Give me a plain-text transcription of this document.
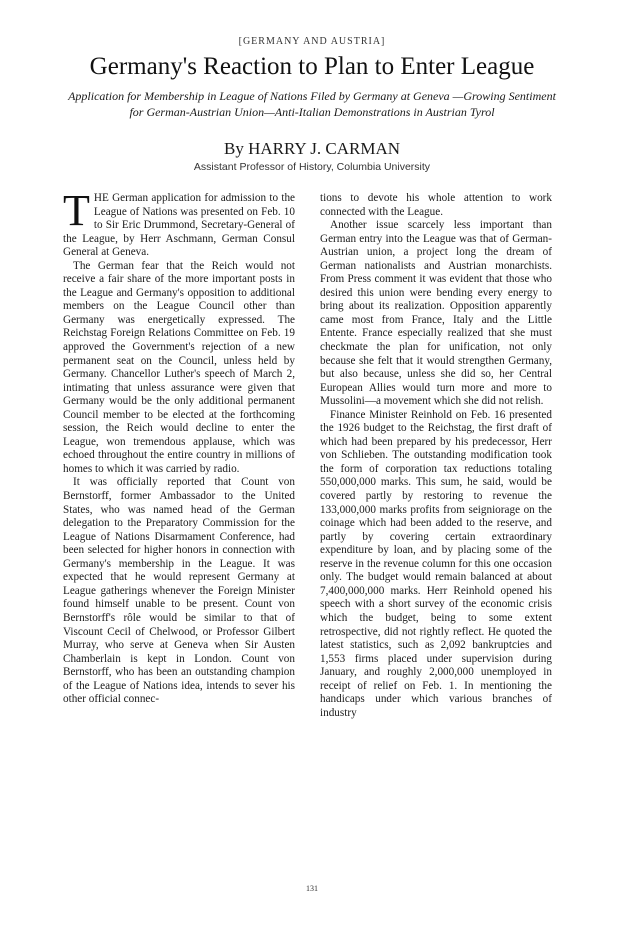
[GERMANY AND AUSTRIA]
Germany's Reaction to Plan to Enter League
Application for Membership in League of Nations Filed by Germany at Geneva —Growing Sentiment for German-Austrian Union—Anti-Italian Demonstrations in Austrian Tyrol
By HARRY J. CARMAN
Assistant Professor of History, Columbia University

THE German application for admission to the League of Nations was presented on Feb. 10 to Sir Eric Drummond, Secretary-General of the League, by Herr Aschmann, German Consul General at Geneva.

The German fear that the Reich would not receive a fair share of the more important posts in the League and Germany's opposition to additional members on the League Council other than Germany was energetically expressed. The Reichstag Foreign Relations Committee on Feb. 19 approved the Government's rejection of a new permanent seat on the Council, unless held by Germany. Chancellor Luther's speech of March 2, intimating that unless assurance were given that Germany would be the only additional permanent Council member to be elected at the forthcoming session, the Reich would decline to enter the League, won tremendous applause, which was echoed throughout the entire country in millions of homes to which it was carried by radio.

It was officially reported that Count von Bernstorff, former Ambassador to the United States, who was named head of the German delegation to the Preparatory Commission for the League of Nations Disarmament Conference, had been selected for higher honors in connection with Germany's membership in the League. It was expected that he would represent Germany at League gatherings whenever the Foreign Minister found himself unable to be present. Count von Bernstorff's rôle would be similar to that of Viscount Cecil of Chelwood, or Professor Gilbert Murray, who serve at Geneva when Sir Austen Chamberlain is kept in London. Count von Bernstorff, who has been an outstanding champion of the League of Nations idea, intends to sever his other official connec-

tions to devote his whole attention to work connected with the League.

Another issue scarcely less important than German entry into the League was that of German-Austrian union, a project long the dream of German nationalists and Austrian monarchists. From Press comment it was evident that those who desired this union were bending every energy to bring about its realization. Opposition apparently came most from France, Italy and the Little Entente. France especially realized that she must checkmate the plan for unification, not only because she felt that it would strengthen Germany, but also because, unless she did so, her Central European Allies would turn more and more to Mussolini—a movement which she did not relish.

Finance Minister Reinhold on Feb. 16 presented the 1926 budget to the Reichstag, the first draft of which had been prepared by his predecessor, Herr von Schlieben. The outstanding modification took the form of corporation tax reductions totaling 550,000,000 marks. This sum, he said, would be covered partly by restoring to revenue the 133,000,000 marks profits from seigniorage on the coinage which had been added to the reserve, and partly by covering certain extraordinary expenditure by loan, and by placing some of the reserve in the revenue column for this one occasion only. The budget would remain balanced at about 7,400,000,000 marks. Herr Reinhold opened his speech with a short survey of the economic crisis which the budget, being to some extent retrospective, did not rightly reflect. He quoted the latest statistics, such as 2,092 bankruptcies and 1,553 firms placed under supervision during January, and roughly 2,000,000 unemployed in receipt of relief on Feb. 1. In mentioning the handicaps under which various branches of industry

131
